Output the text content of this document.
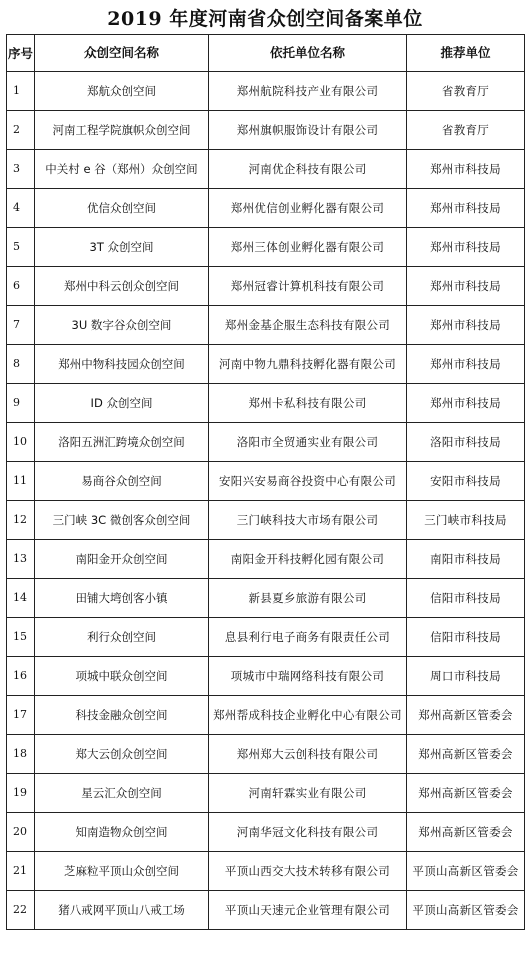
2019 年度河南省众创空间备案单位
序号	众创空间名称	依托单位名称	推荐单位
1	郑航众创空间	郑州航院科技产业有限公司	省教育厅
2	河南工程学院旗帜众创空间	郑州旗帜服饰设计有限公司	省教育厅
3	中关村 e 谷（郑州）众创空间	河南优企科技有限公司	郑州市科技局
4	优信众创空间	郑州优信创业孵化器有限公司	郑州市科技局
5	3T 众创空间	郑州三体创业孵化器有限公司	郑州市科技局
6	郑州中科云创众创空间	郑州冠睿计算机科技有限公司	郑州市科技局
7	3U 数字谷众创空间	郑州金基企服生态科技有限公司	郑州市科技局
8	郑州中物科技园众创空间	河南中物九鼎科技孵化器有限公司	郑州市科技局
9	ID 众创空间	郑州卡私科技有限公司	郑州市科技局
10	洛阳五洲汇跨境众创空间	洛阳市全贸通实业有限公司	洛阳市科技局
11	易商谷众创空间	安阳兴安易商谷投资中心有限公司	安阳市科技局
12	三门峡 3C 微创客众创空间	三门峡科技大市场有限公司	三门峡市科技局
13	南阳金开众创空间	南阳金开科技孵化园有限公司	南阳市科技局
14	田铺大塆创客小镇	新县夏乡旅游有限公司	信阳市科技局
15	利行众创空间	息县利行电子商务有限责任公司	信阳市科技局
16	项城中联众创空间	项城市中瑞网络科技有限公司	周口市科技局
17	科技金融众创空间	郑州帮成科技企业孵化中心有限公司	郑州高新区管委会
18	郑大云创众创空间	郑州郑大云创科技有限公司	郑州高新区管委会
19	星云汇众创空间	河南轩霖实业有限公司	郑州高新区管委会
20	知南造物众创空间	河南华冠文化科技有限公司	郑州高新区管委会
21	芝麻粒平顶山众创空间	平顶山西交大技术转移有限公司	平顶山高新区管委会
22	猪八戒网平顶山八戒工场	平顶山天速元企业管理有限公司	平顶山高新区管委会
